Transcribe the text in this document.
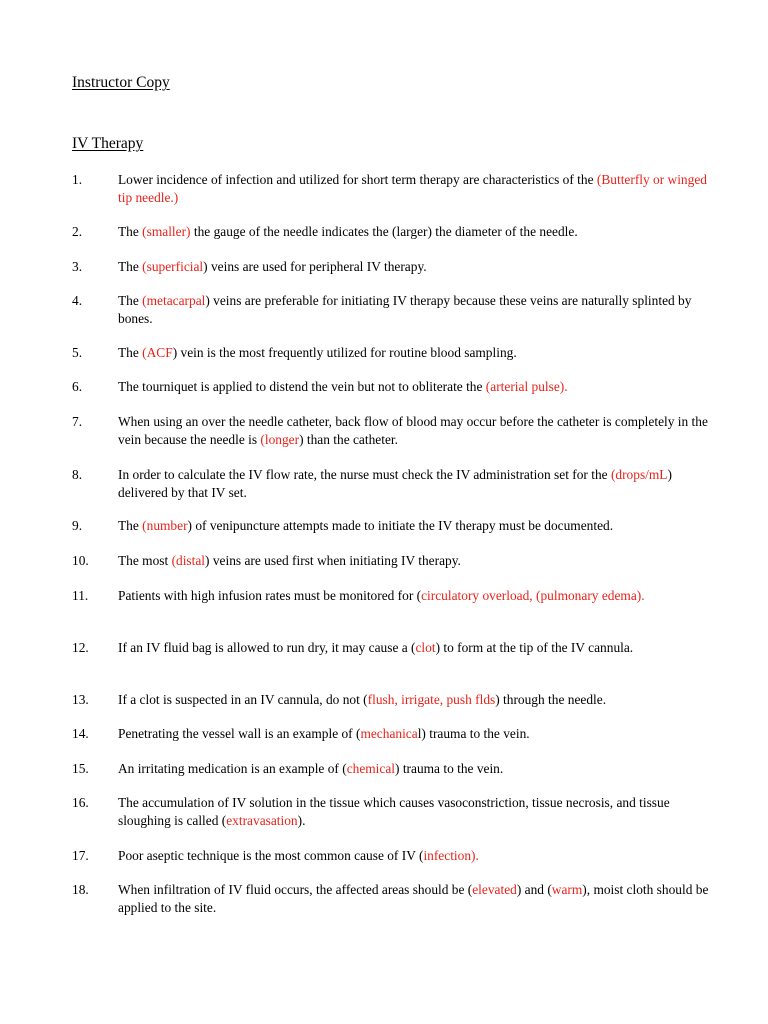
Instructor Copy
IV Therapy
1.	Lower incidence of infection and utilized for short term therapy are characteristics of the (Butterfly or winged tip needle.)
2.	The (smaller) the gauge of the needle indicates the (larger) the diameter of the needle.
3.	The (superficial) veins are used for peripheral IV therapy.
4.	The (metacarpal) veins are preferable for initiating IV therapy because these veins are naturally splinted by bones.
5.	The (ACF) vein is the most frequently utilized for routine blood sampling.
6.	The tourniquet is applied to distend the vein but not to obliterate the (arterial pulse).
7.	When using an over the needle catheter, back flow of blood may occur before the catheter is completely in the vein because the needle is (longer) than the catheter.
8.	In order to calculate the IV flow rate, the nurse must check the IV administration set for the (drops/mL) delivered by that IV set.
9.	The (number) of venipuncture attempts made to initiate the IV therapy must be documented.
10.	The most (distal) veins are used first when initiating IV therapy.
11.	Patients with high infusion rates must be monitored for (circulatory overload, (pulmonary edema).
12.	If an IV fluid bag is allowed to run dry, it may cause a (clot) to form at the tip of the IV cannula.
13.	If a clot is suspected in an IV cannula, do not (flush, irrigate, push flds) through the needle.
14.	Penetrating the vessel wall is an example of (mechanical) trauma to the vein.
15.	An irritating medication is an example of (chemical) trauma to the vein.
16.	The accumulation of IV solution in the tissue which causes vasoconstriction, tissue necrosis, and tissue sloughing is called (extravasation).
17.	Poor aseptic technique is the most common cause of IV (infection).
18.	When infiltration of IV fluid occurs, the affected areas should be (elevated) and (warm), moist cloth should be applied to the site.
